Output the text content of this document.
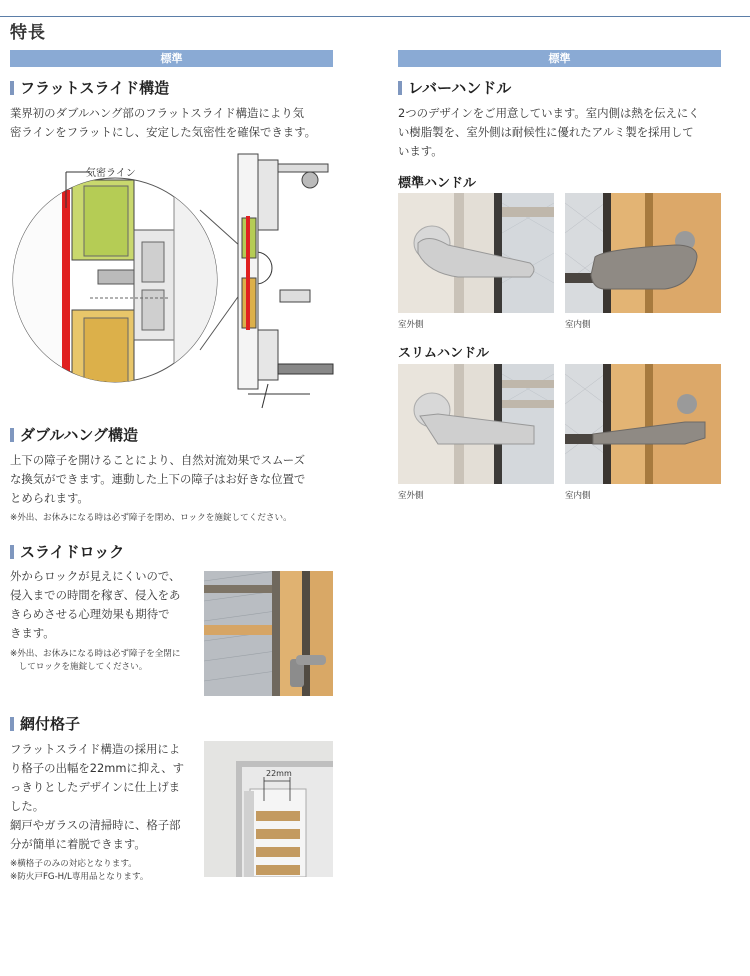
特長
標準
フラットスライド構造
業界初のダブルハング部のフラットスライド構造により気
密ラインをフラットにし、安定した気密性を確保できます。
気密ライン
ダブルハング構造
上下の障子を開けることにより、自然対流効果でスムーズ
な換気ができます。連動した上下の障子はお好きな位置で
とめられます。
※外出、お休みになる時は必ず障子を閉め、ロックを施錠してください。
スライドロック
外からロックが見えにくいので、
侵入までの時間を稼ぎ、侵入をあ
きらめさせる心理効果も期待で
きます。
※外出、お休みになる時は必ず障子を全閉に
　してロックを施錠してください。
網付格子
フラットスライド構造の採用によ
り格子の出幅を22mmに抑え、す
っきりとしたデザインに仕上げま
した。
網戸やガラスの清掃時に、格子部
分が簡単に着脱できます。
※横格子のみの対応となります。
※防火戸FG-H/L専用品となります。
22mm
標準
レバーハンドル
2つのデザインをご用意しています。室内側は熱を伝えにく
い樹脂製を、室外側は耐候性に優れたアルミ製を採用して
います。
標準ハンドル
室外側	室内側
スリムハンドル
室外側	室内側
